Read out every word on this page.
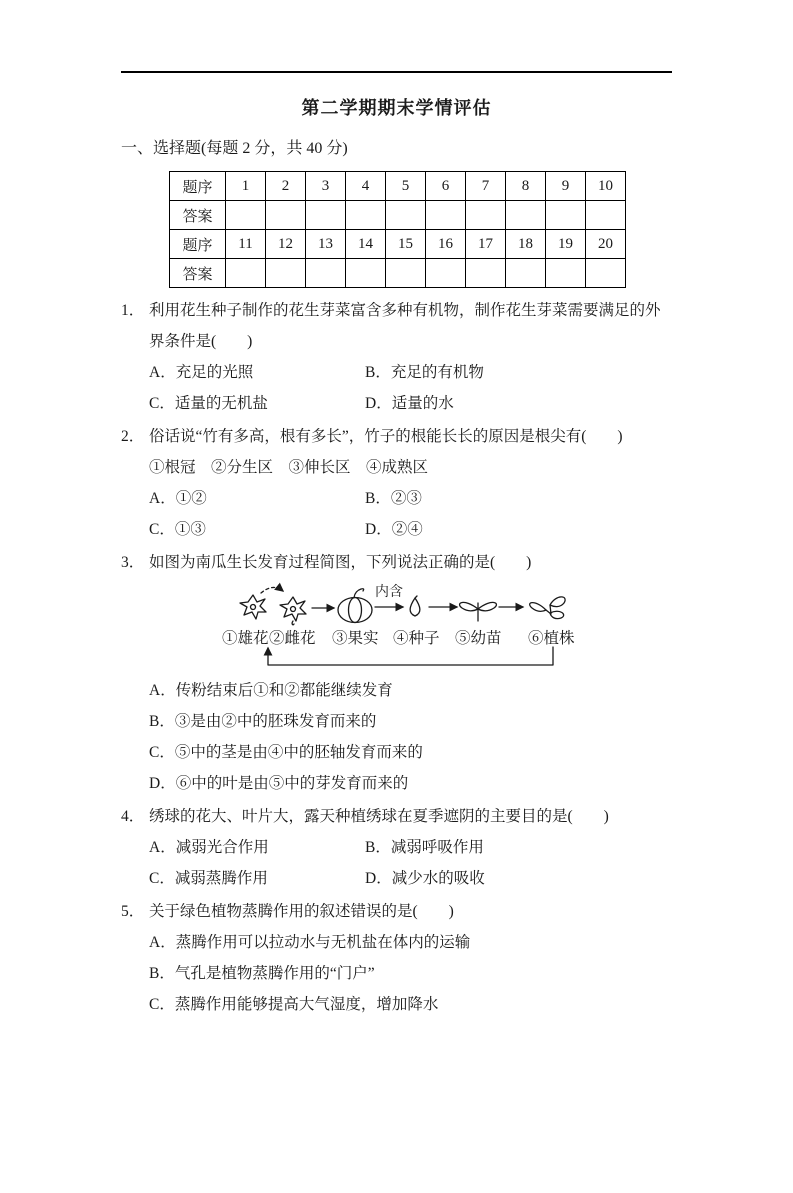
第二学期期末学情评估
一、选择题(每题 2 分，共 40 分)
题序	1	2	3	4	5	6	7	8	9	10
答案										
题序	11	12	13	14	15	16	17	18	19	20
答案										
1． 利用花生种子制作的花生芽菜富含多种有机物，制作花生芽菜需要满足的外界条件是(　　)
A．充足的光照	B．充足的有机物
C．适量的无机盐	D．适量的水
2． 俗话说“竹有多高，根有多长”，竹子的根能长长的原因是根尖有(　　)
①根冠　②分生区　③伸长区　④成熟区
A．①②	B．②③
C．①③	D．②④
3． 如图为南瓜生长发育过程简图，下列说法正确的是(　　)
内含
①雄花 ②雌花 ③果实 ④种子 ⑤幼苗 ⑥植株
A．传粉结束后①和②都能继续发育
B．③是由②中的胚珠发育而来的
C．⑤中的茎是由④中的胚轴发育而来的
D．⑥中的叶是由⑤中的芽发育而来的
4． 绣球的花大、叶片大，露天种植绣球在夏季遮阴的主要目的是(　　)
A．减弱光合作用	B．减弱呼吸作用
C．减弱蒸腾作用	D．减少水的吸收
5． 关于绿色植物蒸腾作用的叙述错误的是(　　)
A．蒸腾作用可以拉动水与无机盐在体内的运输
B．气孔是植物蒸腾作用的“门户”
C．蒸腾作用能够提高大气湿度，增加降水
